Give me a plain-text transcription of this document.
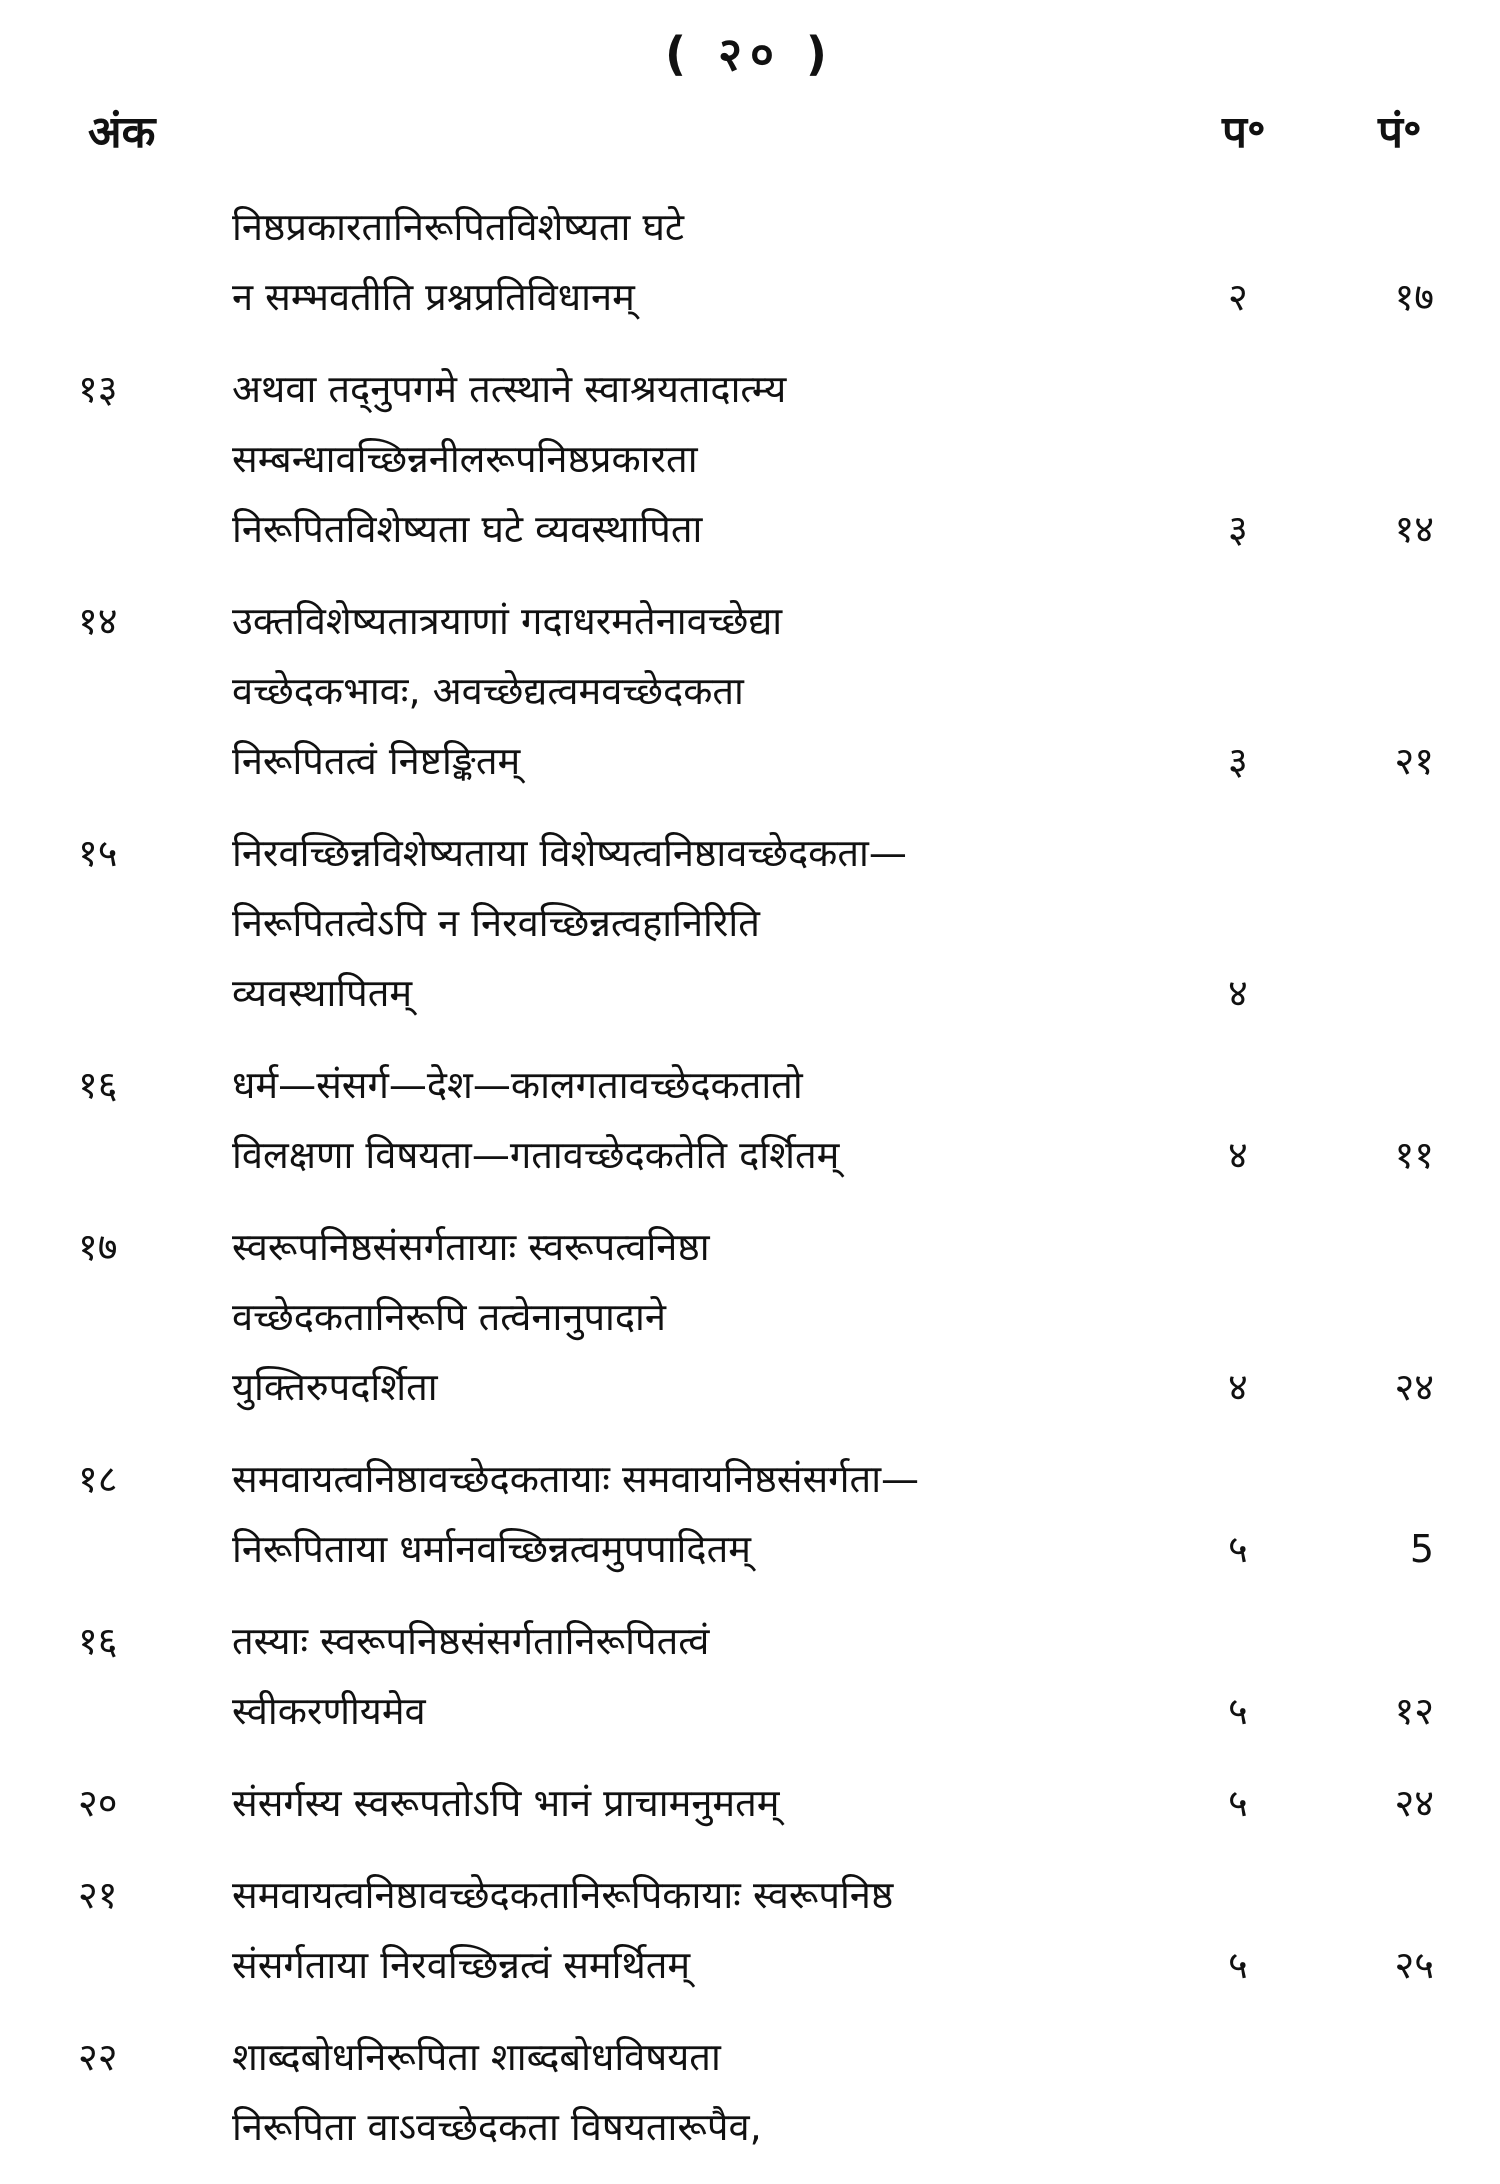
( २० )
अंक	प॰	पं॰
निष्ठप्रकारतानिरूपितविशेष्यता घटे
न सम्भवतीति प्रश्नप्रतिविधानम्	२	१७
१३	अथवा तद्नुपगमे तत्स्थाने स्वाश्रयतादात्म्य
सम्बन्धावच्छिन्ननीलरूपनिष्ठप्रकारता
निरूपितविशेष्यता घटे व्यवस्थापिता	३	१४
१४	उक्तविशेष्यतात्रयाणां गदाधरमतेनावच्छेद्या
वच्छेदकभावः, अवच्छेद्यत्वमवच्छेदकता
निरूपितत्वं निष्टङ्कितम्	३	२१
१५	निरवच्छिन्नविशेष्यताया विशेष्यत्वनिष्ठावच्छेदकता—
निरूपितत्वेऽपि न निरवच्छिन्नत्वहानिरिति
व्यवस्थापितम्	४
१६	धर्म—संसर्ग—देश—कालगतावच्छेदकतातो
विलक्षणा विषयता—गतावच्छेदकतेति दर्शितम्	४	११
१७	स्वरूपनिष्ठसंसर्गतायाः स्वरूपत्वनिष्ठा
वच्छेदकतानिरूपि तत्वेनानुपादाने
युक्तिरुपदर्शिता	४	२४
१८	समवायत्वनिष्ठावच्छेदकतायाः समवायनिष्ठसंसर्गता—
निरूपिताया धर्मानवच्छिन्नत्वमुपपादितम्	५	5
१६	तस्याः स्वरूपनिष्ठसंसर्गतानिरूपितत्वं
स्वीकरणीयमेव	५	१२
२०	संसर्गस्य स्वरूपतोऽपि भानं प्राचामनुमतम्	५	२४
२१	समवायत्वनिष्ठावच्छेदकतानिरूपिकायाः स्वरूपनिष्ठ
संसर्गताया निरवच्छिन्नत्वं समर्थितम्	५	२५
२२	शाब्दबोधनिरूपिता शाब्दबोधविषयता
निरूपिता वाऽवच्छेदकता विषयतारूपैव,
